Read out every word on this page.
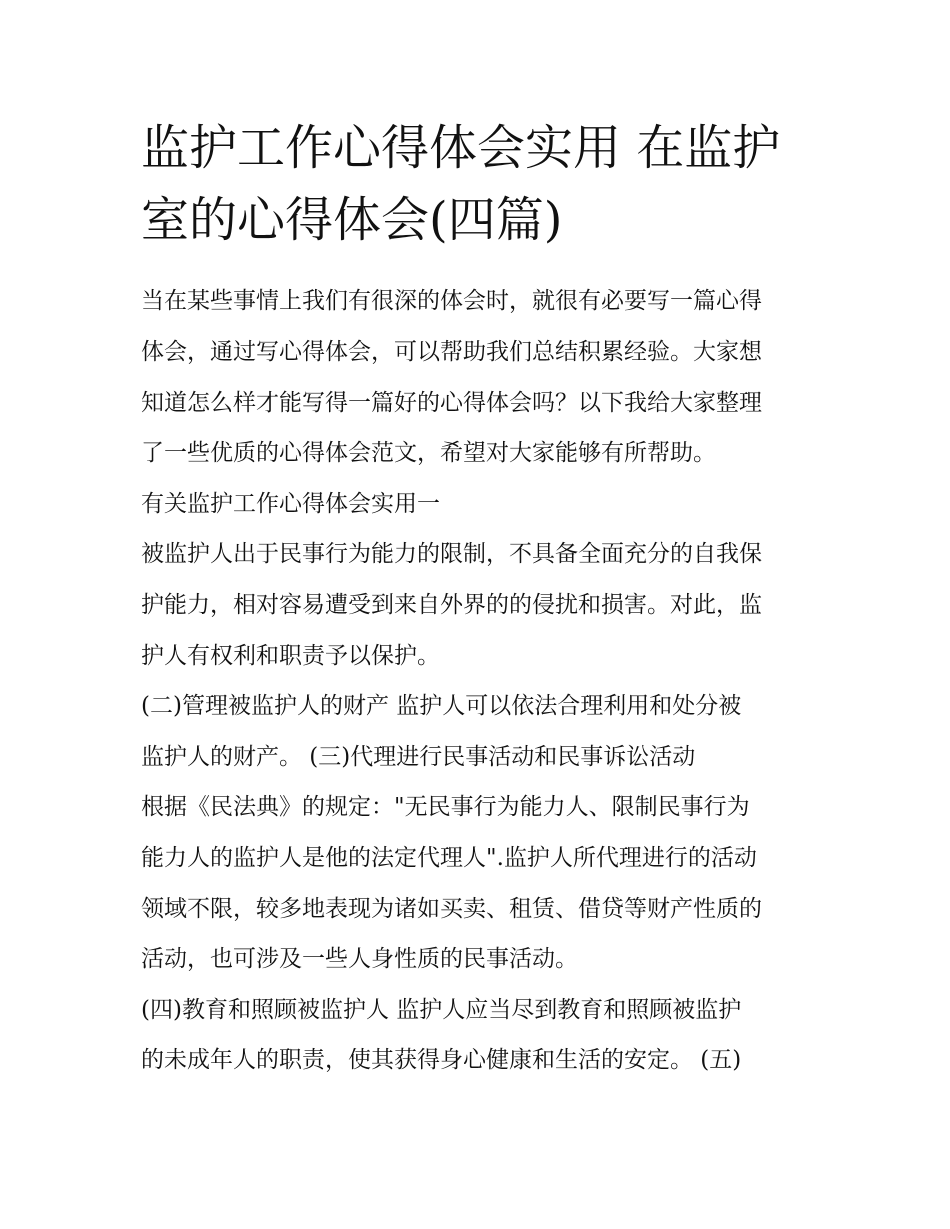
监护工作心得体会实用 在监护
室的心得体会(四篇)

当在某些事情上我们有很深的体会时，就很有必要写一篇心得

体会，通过写心得体会，可以帮助我们总结积累经验。大家想

知道怎么样才能写得一篇好的心得体会吗？以下我给大家整理

了一些优质的心得体会范文，希望对大家能够有所帮助。

有关监护工作心得体会实用一

被监护人出于民事行为能力的限制，不具备全面充分的自我保

护能力，相对容易遭受到来自外界的的侵扰和损害。对此，监

护人有权利和职责予以保护。

(二)管理被监护人的财产 监护人可以依法合理利用和处分被

监护人的财产。 (三)代理进行民事活动和民事诉讼活动

根据《民法典》的规定："无民事行为能力人、限制民事行为

能力人的监护人是他的法定代理人".监护人所代理进行的活动

领域不限，较多地表现为诸如买卖、租赁、借贷等财产性质的

活动，也可涉及一些人身性质的民事活动。

(四)教育和照顾被监护人 监护人应当尽到教育和照顾被监护

的未成年人的职责，使其获得身心健康和生活的安定。 (五)
